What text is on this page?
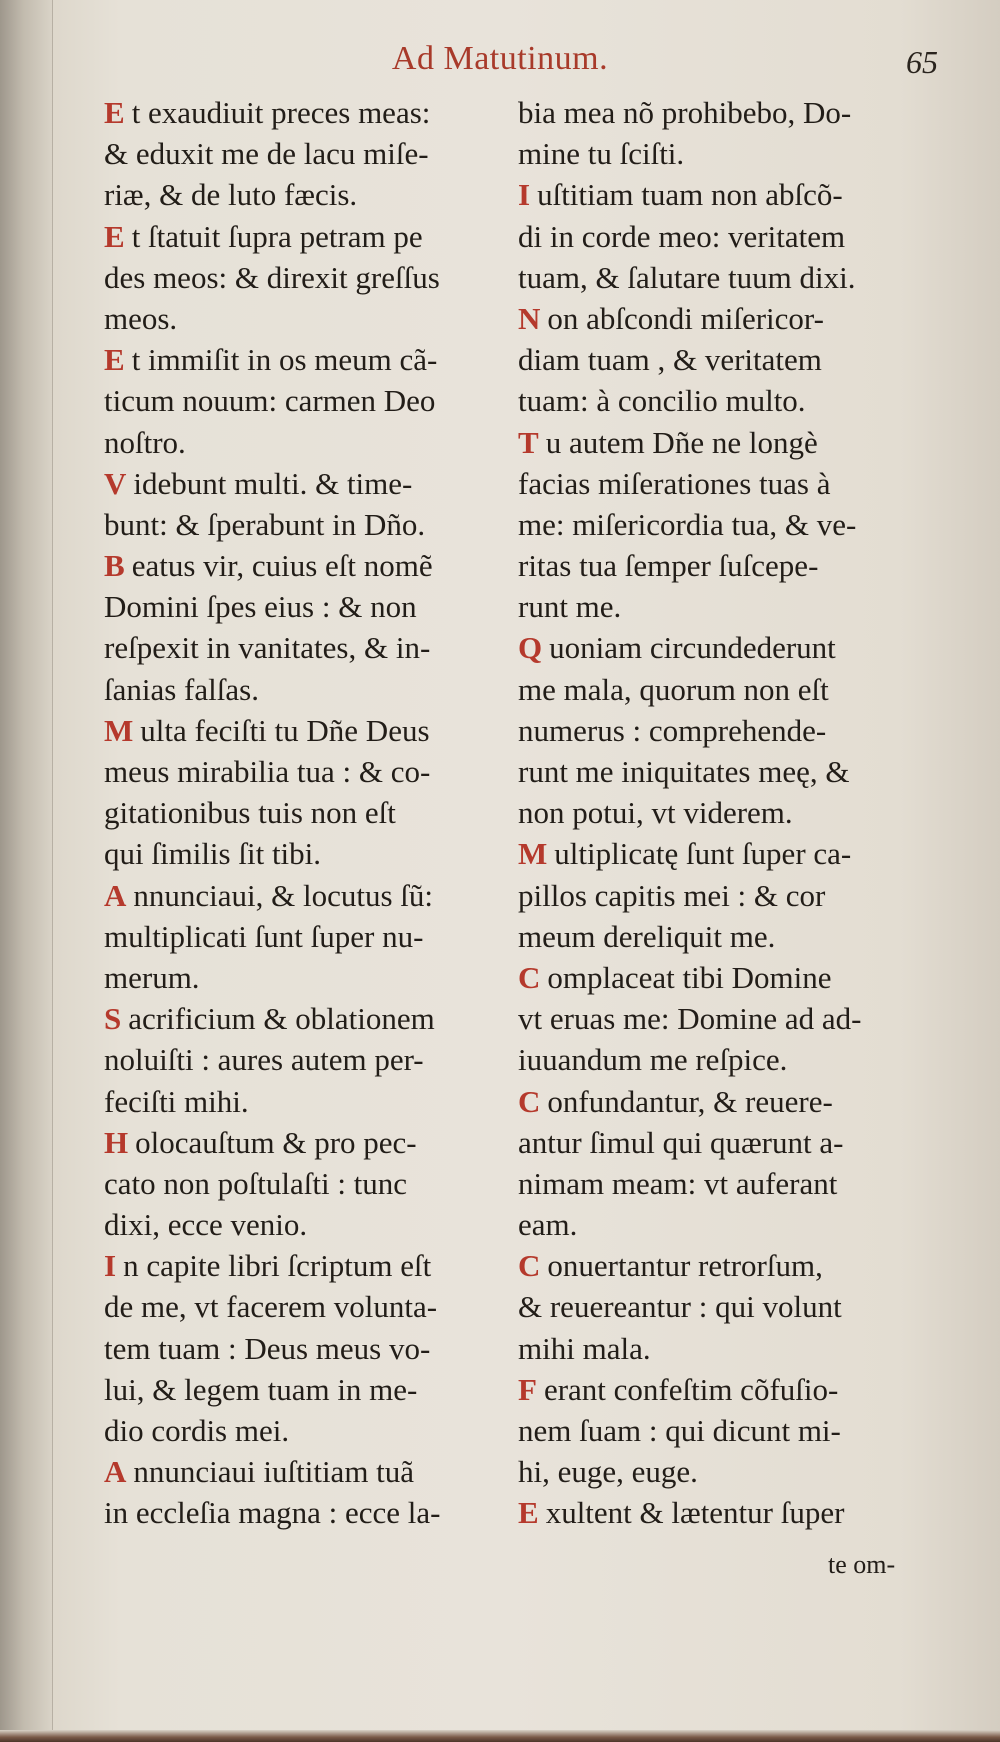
Ad Matutinum.	65
E t exaudiuit preces meas:
& eduxit me de lacu miſe-
riæ, & de luto fæcis.
E t ſtatuit ſupra petram pe
des meos: & direxit greſſus
meos.
E t immiſit in os meum cã-
ticum nouum: carmen Deo
noſtro.
V idebunt multi. & time-
bunt: & ſperabunt in Dño.
B eatus vir, cuius eſt nomẽ
Domini ſpes eius : & non
reſpexit in vanitates, & in-
ſanias falſas.
M ulta feciſti tu Dñe Deus
meus mirabilia tua : & co-
gitationibus tuis non eſt
qui ſimilis ſit tibi.
A nnunciaui, & locutus ſũ:
multiplicati ſunt ſuper nu-
merum.
S acrificium & oblationem
noluiſti : aures autem per-
feciſti mihi.
H olocauſtum & pro pec-
cato non poſtulaſti : tunc
dixi, ecce venio.
I n capite libri ſcriptum eſt
de me, vt facerem volunta-
tem tuam : Deus meus vo-
lui, & legem tuam in me-
dio cordis mei.
A nnunciaui iuſtitiam tuã
in eccleſia magna : ecce la-
bia mea nõ prohibebo, Do-
mine tu ſciſti.
I uſtitiam tuam non abſcõ-
di in corde meo: veritatem
tuam, & ſalutare tuum dixi.
N on abſcondi miſericor-
diam tuam , & veritatem
tuam: à concilio multo.
T u autem Dñe ne longè
facias miſerationes tuas à
me: miſericordia tua, & ve-
ritas tua ſemper ſuſcepe-
runt me.
Q uoniam circundederunt
me mala, quorum non eſt
numerus : comprehende-
runt me iniquitates meę, &
non potui, vt viderem.
M ultiplicatę ſunt ſuper ca-
pillos capitis mei : & cor
meum dereliquit me.
C omplaceat tibi Domine
vt eruas me: Domine ad ad-
iuuandum me reſpice.
C onfundantur, & reuere-
antur ſimul qui quærunt a-
nimam meam: vt auferant
eam.
C onuertantur retrorſum,
& reuereantur : qui volunt
mihi mala.
F erant confeſtim cõfuſio-
nem ſuam : qui dicunt mi-
hi, euge, euge.
E xultent & lætentur ſuper
te om-
